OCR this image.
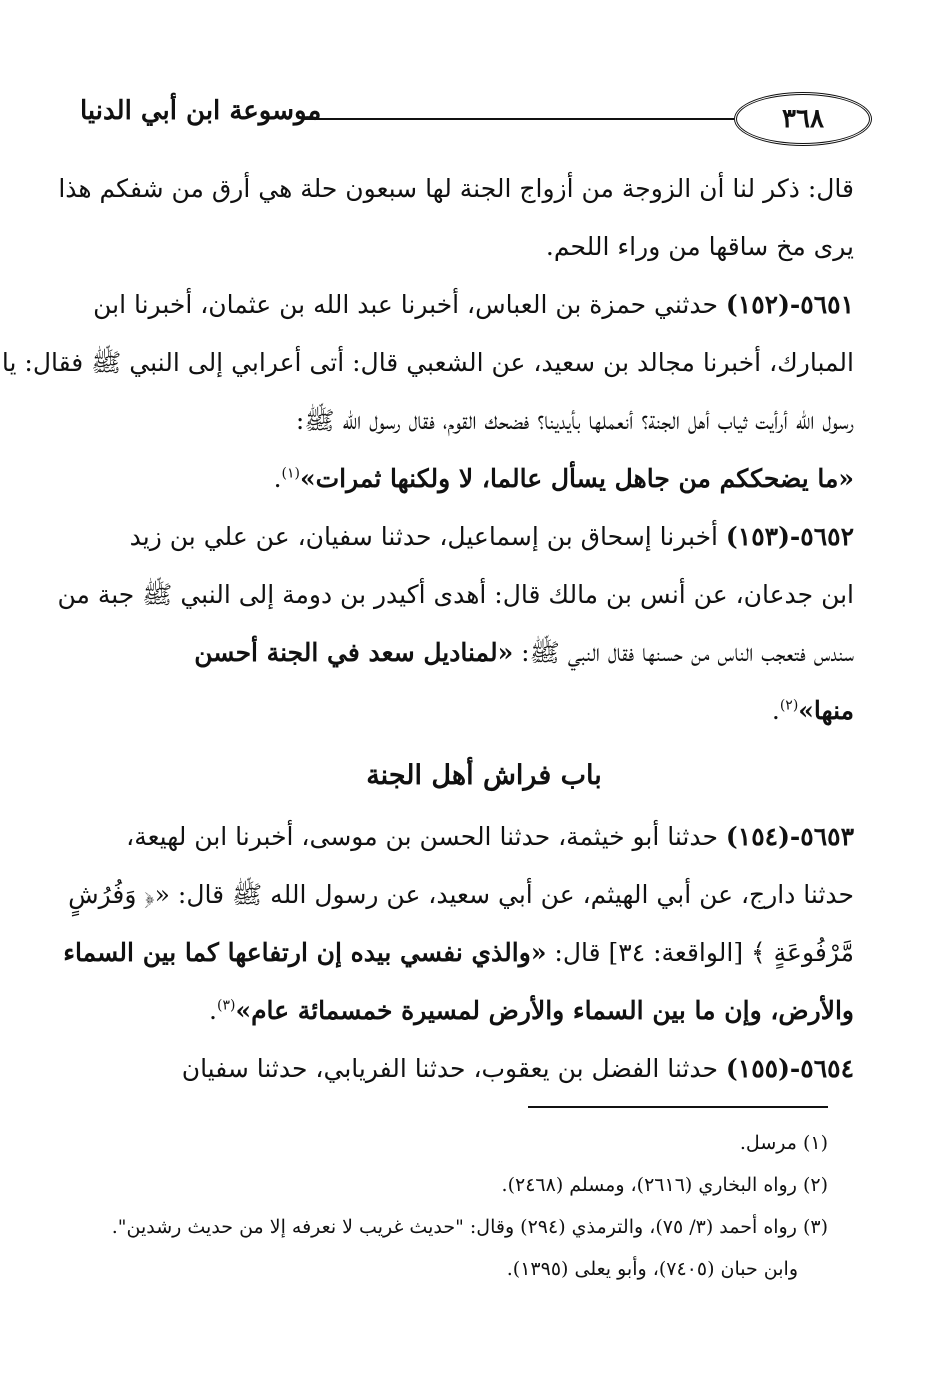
٣٦٨
موسوعة ابن أبي الدنيا
قال: ذكر لنا أن الزوجة من أزواج الجنة لها سبعون حلة هي أرق من شفكم هذا
يرى مخ ساقها من وراء اللحم.
٥٦٥١-(١٥٢) حدثني حمزة بن العباس، أخبرنا عبد الله بن عثمان، أخبرنا ابن
المبارك، أخبرنا مجالد بن سعيد، عن الشعبي قال: أتى أعرابي إلى النبي ﷺ فقال: يا
رسول الله أرأيت ثياب أهل الجنة؟ أنعملها بأيدينا؟ فضحك القوم، فقال رسول الله ﷺ:
«ما يضحككم من جاهل يسأل عالما، لا ولكنها ثمرات»$^{(١)}$.
٥٦٥٢-(١٥٣) أخبرنا إسحاق بن إسماعيل، حدثنا سفيان، عن علي بن زيد
ابن جدعان، عن أنس بن مالك قال: أهدى أكيدر بن دومة إلى النبي ﷺ جبة من
سندس فتعجب الناس من حسنها فقال النبي ﷺ: «لمناديل سعد في الجنة أحسن
منها»$^{(٢)}$.
باب فراش أهل الجنة
٥٦٥٣-(١٥٤) حدثنا أبو خيثمة، حدثنا الحسن بن موسى، أخبرنا ابن لهيعة،
حدثنا دارج، عن أبي الهيثم، عن أبي سعيد، عن رسول الله ﷺ قال: «﴿ وَفُرُشٍ
مَّرْفُوعَةٍ ﴾ [الواقعة: ٣٤] قال: «والذي نفسي بيده إن ارتفاعها كما بين السماء
والأرض، وإن ما بين السماء والأرض لمسيرة خمسمائة عام»$^{(٣)}$.
٥٦٥٤-(١٥٥) حدثنا الفضل بن يعقوب، حدثنا الفريابي، حدثنا سفيان
(١) مرسل.
(٢) رواه البخاري (٢٦١٦)، ومسلم (٢٤٦٨).
(٣) رواه أحمد (٣/ ٧٥)، والترمذي (٢٩٤) وقال: "حديث غريب لا نعرفه إلا من حديث رشدين".
وابن حبان (٧٤٠٥)، وأبو يعلى (١٣٩٥).
